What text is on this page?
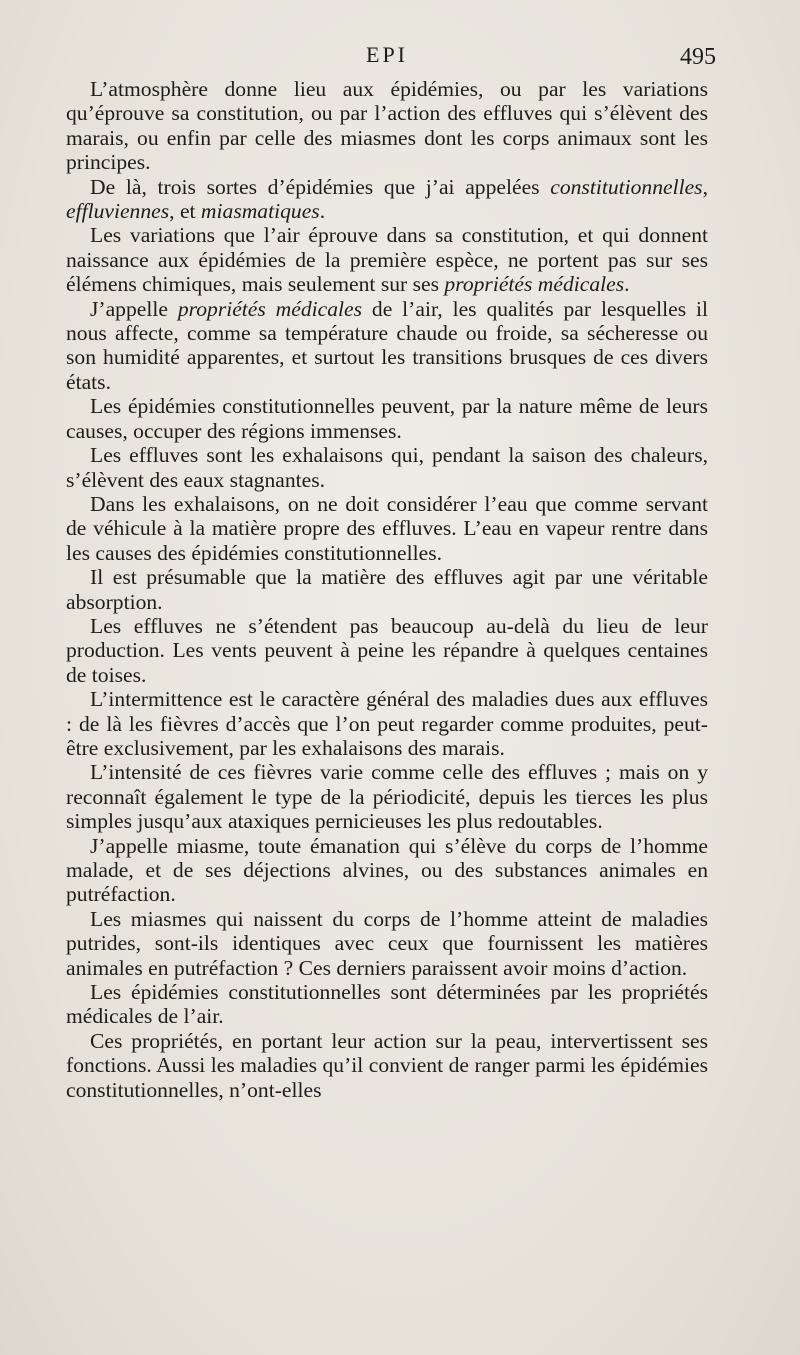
EPI	495

L’atmosphère donne lieu aux épidémies, ou par les variations qu’éprouve sa constitution, ou par l’action des effluves qui s’élèvent des marais, ou enfin par celle des miasmes dont les corps animaux sont les principes.

De là, trois sortes d’épidémies que j’ai appelées constitutionnelles, effluviennes, et miasmatiques.

Les variations que l’air éprouve dans sa constitution, et qui donnent naissance aux épidémies de la première espèce, ne portent pas sur ses élémens chimiques, mais seulement sur ses propriétés médicales.

J’appelle propriétés médicales de l’air, les qualités par lesquelles il nous affecte, comme sa température chaude ou froide, sa sécheresse ou son humidité apparentes, et surtout les transitions brusques de ces divers états.

Les épidémies constitutionnelles peuvent, par la nature même de leurs causes, occuper des régions immenses.

Les effluves sont les exhalaisons qui, pendant la saison des chaleurs, s’élèvent des eaux stagnantes.

Dans les exhalaisons, on ne doit considérer l’eau que comme servant de véhicule à la matière propre des effluves. L’eau en vapeur rentre dans les causes des épidémies constitutionnelles.

Il est présumable que la matière des effluves agit par une véritable absorption.

Les effluves ne s’étendent pas beaucoup au-delà du lieu de leur production. Les vents peuvent à peine les répandre à quelques centaines de toises.

L’intermittence est le caractère général des maladies dues aux effluves : de là les fièvres d’accès que l’on peut regarder comme produites, peut-être exclusivement, par les exhalaisons des marais.

L’intensité de ces fièvres varie comme celle des effluves ; mais on y reconnaît également le type de la périodicité, depuis les tierces les plus simples jusqu’aux ataxiques pernicieuses les plus redoutables.

J’appelle miasme, toute émanation qui s’élève du corps de l’homme malade, et de ses déjections alvines, ou des substances animales en putréfaction.

Les miasmes qui naissent du corps de l’homme atteint de maladies putrides, sont-ils identiques avec ceux que fournissent les matières animales en putréfaction ? Ces derniers paraissent avoir moins d’action.

Les épidémies constitutionnelles sont déterminées par les propriétés médicales de l’air.

Ces propriétés, en portant leur action sur la peau, intervertissent ses fonctions. Aussi les maladies qu’il convient de ranger parmi les épidémies constitutionnelles, n’ont-elles
